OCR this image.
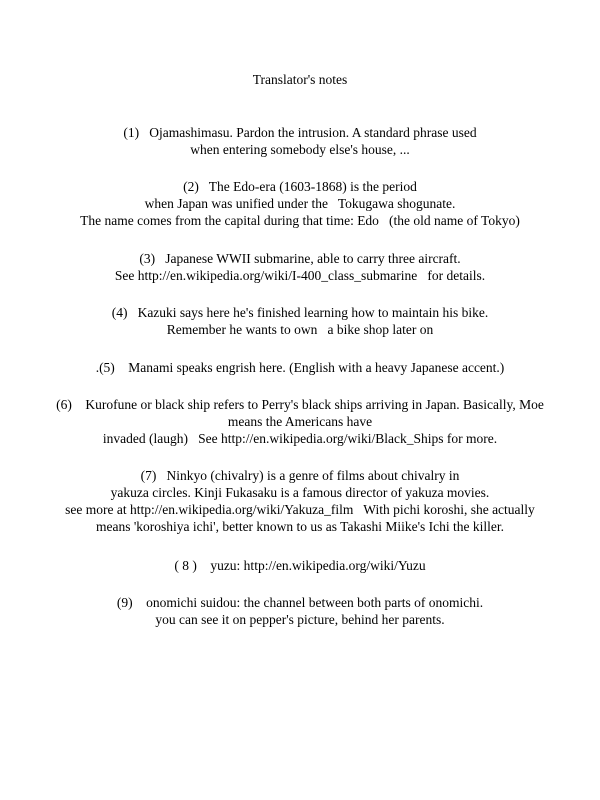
Translator's notes
(1)   Ojamashimasu. Pardon the intrusion. A standard phrase used
when entering somebody else's house, ...
(2)   The Edo-era (1603-1868) is the period
when Japan was unified under the   Tokugawa shogunate.
The name comes from the capital during that time: Edo   (the old name of Tokyo)
(3)   Japanese WWII submarine, able to carry three aircraft.
See http://en.wikipedia.org/wiki/I-400_class_submarine   for details.
(4)   Kazuki says here he's finished learning how to maintain his bike.
Remember he wants to own   a bike shop later on
.(5)    Manami speaks engrish here. (English with a heavy Japanese accent.)
(6)    Kurofune or black ship refers to Perry's black ships arriving in Japan. Basically, Moe
means the Americans have
invaded (laugh)   See http://en.wikipedia.org/wiki/Black_Ships for more.
(7)   Ninkyo (chivalry) is a genre of films about chivalry in
yakuza circles. Kinji Fukasaku is a famous director of yakuza movies.
see more at http://en.wikipedia.org/wiki/Yakuza_film   With pichi koroshi, she actually
means 'koroshiya ichi', better known to us as Takashi Miike's Ichi the killer.
( 8 )    yuzu: http://en.wikipedia.org/wiki/Yuzu
(9)    onomichi suidou: the channel between both parts of onomichi.
you can see it on pepper's picture, behind her parents.
